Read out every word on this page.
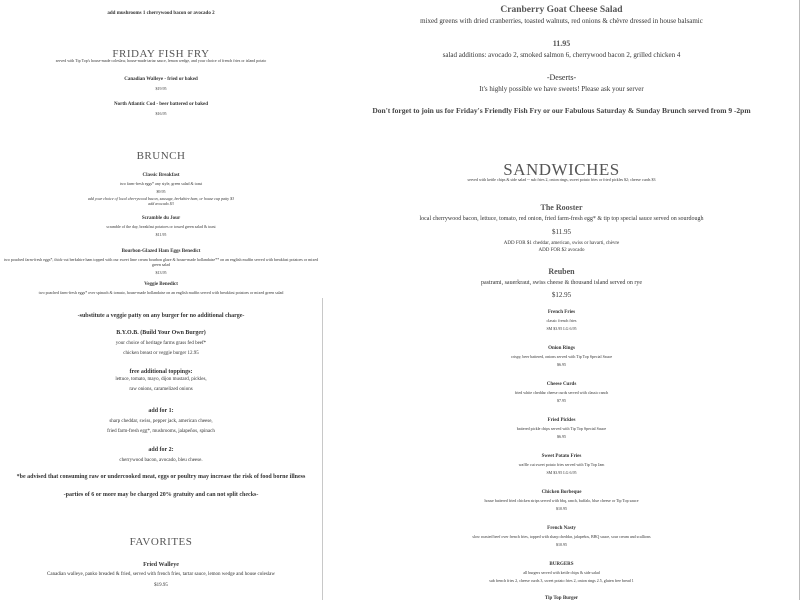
add mushrooms 1 cherrywood bacon or avocado 2

FRIDAY FISH FRY

served with Tip Top's house-made coleslaw, house-made tartar sauce, lemon wedge, and your choice of french fries or island potato

Canadian Walleye - fried or baked
$19.95
North Atlantic Cod - beer battered or baked
$16.95

BRUNCH

Classic Breakfast
two farm-fresh eggs* any style, green salad & toast
$9.95
add your choice of local cherrywood bacon, sausage, berkshire ham, or house cup patty $3
add avocado $3
Scramble du Jour
scramble of the day, breakfast potatoes or tossed green salad & toast
$11.95
Bourbon-Glazed Ham Eggs Benedict
two poached farm-fresh eggs*, thick-cut berkshire ham topped with our sweet lime cream bourbon glaze & house-made hollandaise** on an english muffin served with breakfast potatoes or mixed green salad
$13.95
Veggie Benedict
two poached farm-fresh eggs* over spinach & tomato, house-made hollandaise on an english muffin served with breakfast potatoes or mixed green salad

-substitute a veggie patty on any burger for no additional charge-

B.Y.O.B. (Build Your Own Burger)
your choice of heritage farms grass fed beef*
chicken breast or veggie burger 12.95
free additional toppings:
lettuce, tomato, mayo, dijon mustard, pickles,
raw onions, caramelized onions
add for 1:
sharp cheddar, swiss, pepper jack, american cheese,
fried farm-fresh egg*, mushrooms, jalapeños, spinach
add for 2:
cherrywood bacon, avocado, bleu cheese.

*be advised that consuming raw or undercooked meat, eggs or poultry may increase the risk of food borne illness

-parties of 6 or more may be charged 20% gratuity and can not split checks-

FAVORITES

Fried Walleye
Canadian walleye, panko breaded & fried, served with french fries, tartar sauce, lemon wedge and house coleslaw
$19.95

Cranberry Goat Cheese Salad

mixed greens with dried cranberries, toasted walnuts, red onions & chèvre dressed in house balsamic

11.95

salad additions: avocado 2, smoked salmon 6, cherrywood bacon 2, grilled chicken 4

-Deserts-

It's highly possible we have sweets! Please ask your server

Don't forget to join us for Friday's Friendly Fish Fry or our Fabulous Saturday & Sunday Brunch served from 9 -2pm

SANDWICHES

served with kettle chips & side salad -- sub fries 2, onion rings, sweet potato fries or fried pickles $2; cheese curds $3

The Rooster

local cherrywood bacon, lettuce, tomato, red onion, fried farm-fresh egg* & tip top special sauce served on sourdough

$11.95

ADD FOR $1 cheddar, american, swiss or havarti, chèvre

ADD FOR $2 avocado

Reuben

pastrami, sauerkraut, swiss cheese & thousand island served on rye

$12.95

French Fries
classic french fries
SM $3.95 LG 6.95
Onion Rings
crispy, beer battered, onions served with Tip Top Special Sauce
$6.95
Cheese Curds
fried white cheddar cheese curds served with classic ranch
$7.95
Fried Pickles
battered pickle chips served with Tip Top Special Sauce
$6.95
Sweet Potato Fries
waffle cut sweet potato fries served with Tip Top Jam
SM $3.95 LG 6.95
Chicken Borbeque
house battered fried chicken strips served with bbq, ranch, buffalo, blue cheese or Tip Top sauce
$10.95
French Nasty
slow roasted beef over french fries, topped with sharp cheddar, jalapeños, BBQ sauce, sour cream and scallions
$10.95
BURGERS
all burgers served with kettle chips & side salad
sub french fries 2, cheese curds 3, sweet potato fries 2, onion rings 2.5, gluten free bread 1

Tip Top Burger
